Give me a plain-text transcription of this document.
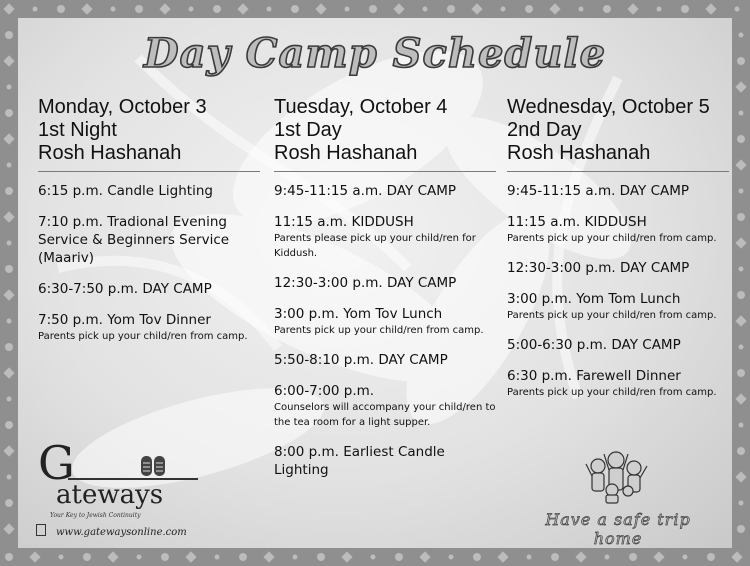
Day Camp Schedule
Monday, October 3
1st Night
Rosh Hashanah
6:15 p.m. Candle Lighting
7:10 p.m. Tradional Evening Service & Beginners Service (Maariv)
6:30-7:50 p.m. DAY CAMP
7:50 p.m. Yom Tov Dinner
Parents pick up your child/ren from camp.
Tuesday, October 4
1st Day
Rosh Hashanah
9:45-11:15 a.m. DAY CAMP
11:15 a.m. KIDDUSH
Parents please pick up your child/ren for Kiddush.
12:30-3:00 p.m. DAY CAMP
3:00 p.m. Yom Tov Lunch
Parents pick up your child/ren from camp.
5:50-8:10 p.m. DAY CAMP
6:00-7:00 p.m.
Counselors will accompany your child/ren to the tea room for a light supper.
8:00 p.m. Earliest Candle Lighting
Wednesday, October 5
2nd Day
Rosh Hashanah
9:45-11:15 a.m. DAY CAMP
11:15 a.m. KIDDUSH
Parents pick up your child/ren from camp.
12:30-3:00 p.m. DAY CAMP
3:00 p.m. Yom Tom Lunch
Parents pick up your child/ren from camp.
5:00-6:30 p.m. DAY CAMP
6:30 p.m. Farewell Dinner
Parents pick up your child/ren from camp.
G
ateways
Your Key to Jewish Continuity
www.gatewaysonline.com
Have a safe trip home
